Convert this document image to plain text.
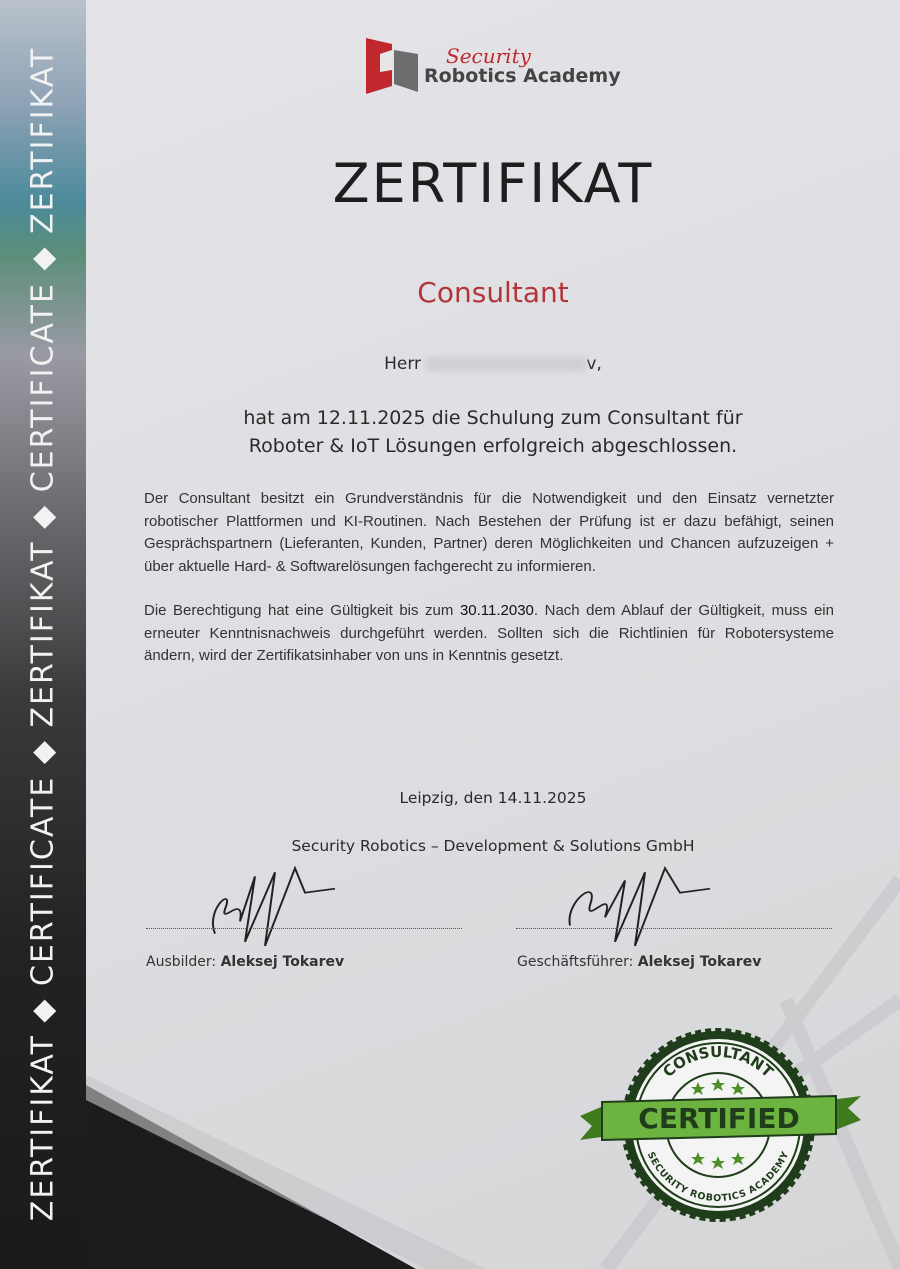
ZERTIFIKAT ◆ CERTIFICATE ◆ ZERTIFIKAT ◆ CERTIFICATE ◆ ZERTIFIKAT	Security
Robotics Academy
ZERTIFIKAT
Consultant
Herr	v,
hat am 12.11.2025 die Schulung zum Consultant für
Roboter & IoT Lösungen erfolgreich abgeschlossen.
Der Consultant besitzt ein Grundverständnis für die Notwendigkeit und den Einsatz vernetzter robotischer Plattformen und KI-Routinen. Nach Bestehen der Prüfung ist er dazu befähigt, seinen Gesprächspartnern (Lieferanten, Kunden, Partner) deren Möglichkeiten und Chancen aufzuzeigen + über aktuelle Hard- & Softwarelösungen fachgerecht zu informieren.
Die Berechtigung hat eine Gültigkeit bis zum 30.11.2030. Nach dem Ablauf der Gültigkeit, muss ein erneuter Kenntnisnachweis durchgeführt werden. Sollten sich die Richtlinien für Robotersysteme ändern, wird der Zertifikatsinhaber von uns in Kenntnis gesetzt.
Leipzig, den 14.11.2025
Security Robotics – Development & Solutions GmbH
Ausbilder: Aleksej Tokarev	Geschäftsführer: Aleksej Tokarev
CERTIFIED
CONSULTANT
SECURITY ROBOTICS ACADEMY
